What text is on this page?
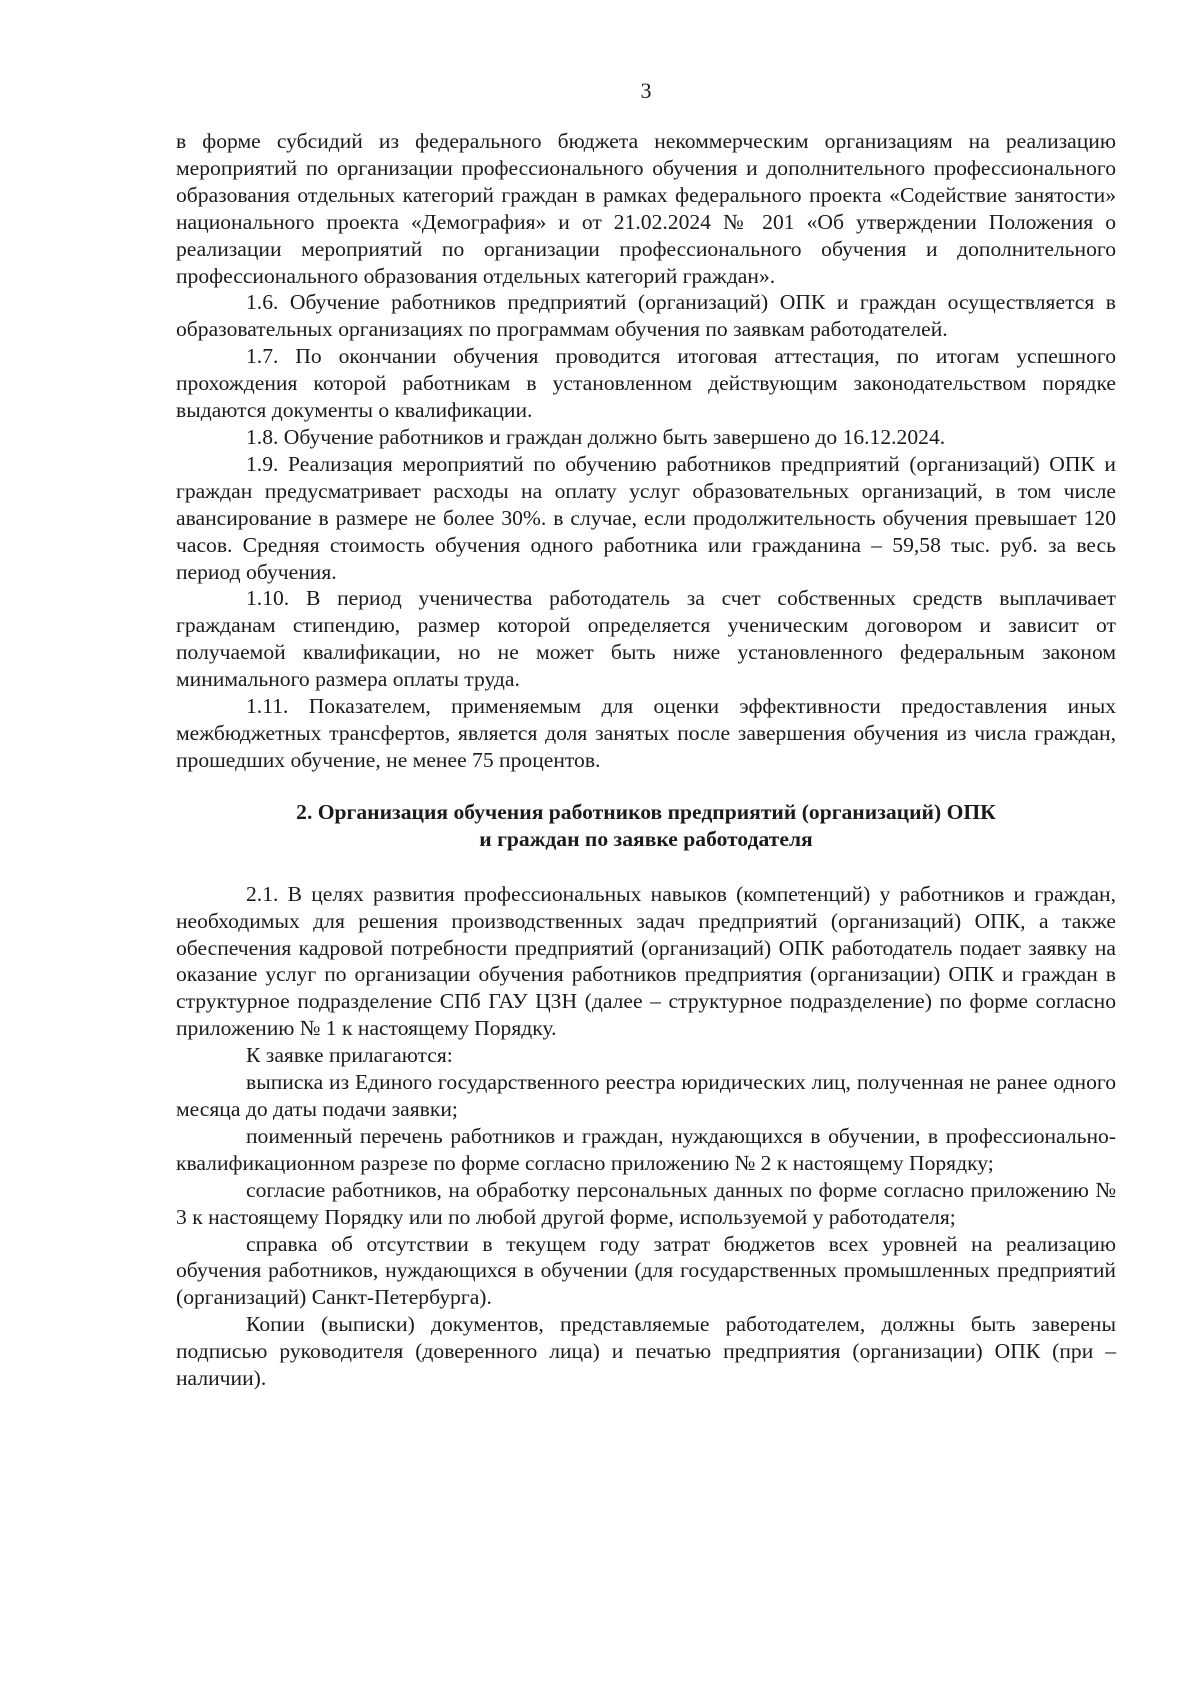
3

в форме субсидий из федерального бюджета некоммерческим организациям на реализацию мероприятий по организации профессионального обучения и дополнительного профессионального образования отдельных категорий граждан в рамках федерального проекта «Содействие занятости» национального проекта «Демография» и от 21.02.2024 № 201 «Об утверждении Положения о реализации мероприятий по организации профессионального обучения и дополнительного профессионального образования отдельных категорий граждан».

1.6. Обучение работников предприятий (организаций) ОПК и граждан осуществляется в образовательных организациях по программам обучения по заявкам работодателей.

1.7. По окончании обучения проводится итоговая аттестация, по итогам успешного прохождения которой работникам в установленном действующим законодательством порядке выдаются документы о квалификации.

1.8. Обучение работников и граждан должно быть завершено до 16.12.2024.

1.9. Реализация мероприятий по обучению работников предприятий (организаций) ОПК и граждан предусматривает расходы на оплату услуг образовательных организаций, в том числе авансирование в размере не более 30%. в случае, если продолжительность обучения превышает 120 часов. Средняя стоимость обучения одного работника или гражданина – 59,58 тыс. руб. за весь период обучения.

1.10. В период ученичества работодатель за счет собственных средств выплачивает гражданам стипендию, размер которой определяется ученическим договором и зависит от получаемой квалификации, но не может быть ниже установленного федеральным законом минимального размера оплаты труда.

1.11. Показателем, применяемым для оценки эффективности предоставления иных межбюджетных трансфертов, является доля занятых после завершения обучения из числа граждан, прошедших обучение, не менее 75 процентов.

2. Организация обучения работников предприятий (организаций) ОПК
и граждан по заявке работодателя

2.1. В целях развития профессиональных навыков (компетенций) у работников и граждан, необходимых для решения производственных задач предприятий (организаций) ОПК, а также обеспечения кадровой потребности предприятий (организаций) ОПК работодатель подает заявку на оказание услуг по организации обучения работников предприятия (организации) ОПК и граждан в структурное подразделение СПб ГАУ ЦЗН (далее – структурное подразделение) по форме согласно приложению № 1 к настоящему Порядку.

К заявке прилагаются:

выписка из Единого государственного реестра юридических лиц, полученная не ранее одного месяца до даты подачи заявки;

поименный перечень работников и граждан, нуждающихся в обучении, в профессионально-квалификационном разрезе по форме согласно приложению № 2 к настоящему Порядку;

согласие работников, на обработку персональных данных по форме согласно приложению № 3 к настоящему Порядку или по любой другой форме, используемой у работодателя;

справка об отсутствии в текущем году затрат бюджетов всех уровней на реализацию обучения работников, нуждающихся в обучении (для государственных промышленных предприятий (организаций) Санкт-Петербурга).

Копии (выписки) документов, представляемые работодателем, должны быть заверены подписью руководителя (доверенного лица) и печатью предприятия (организации) ОПК (при – наличии).
